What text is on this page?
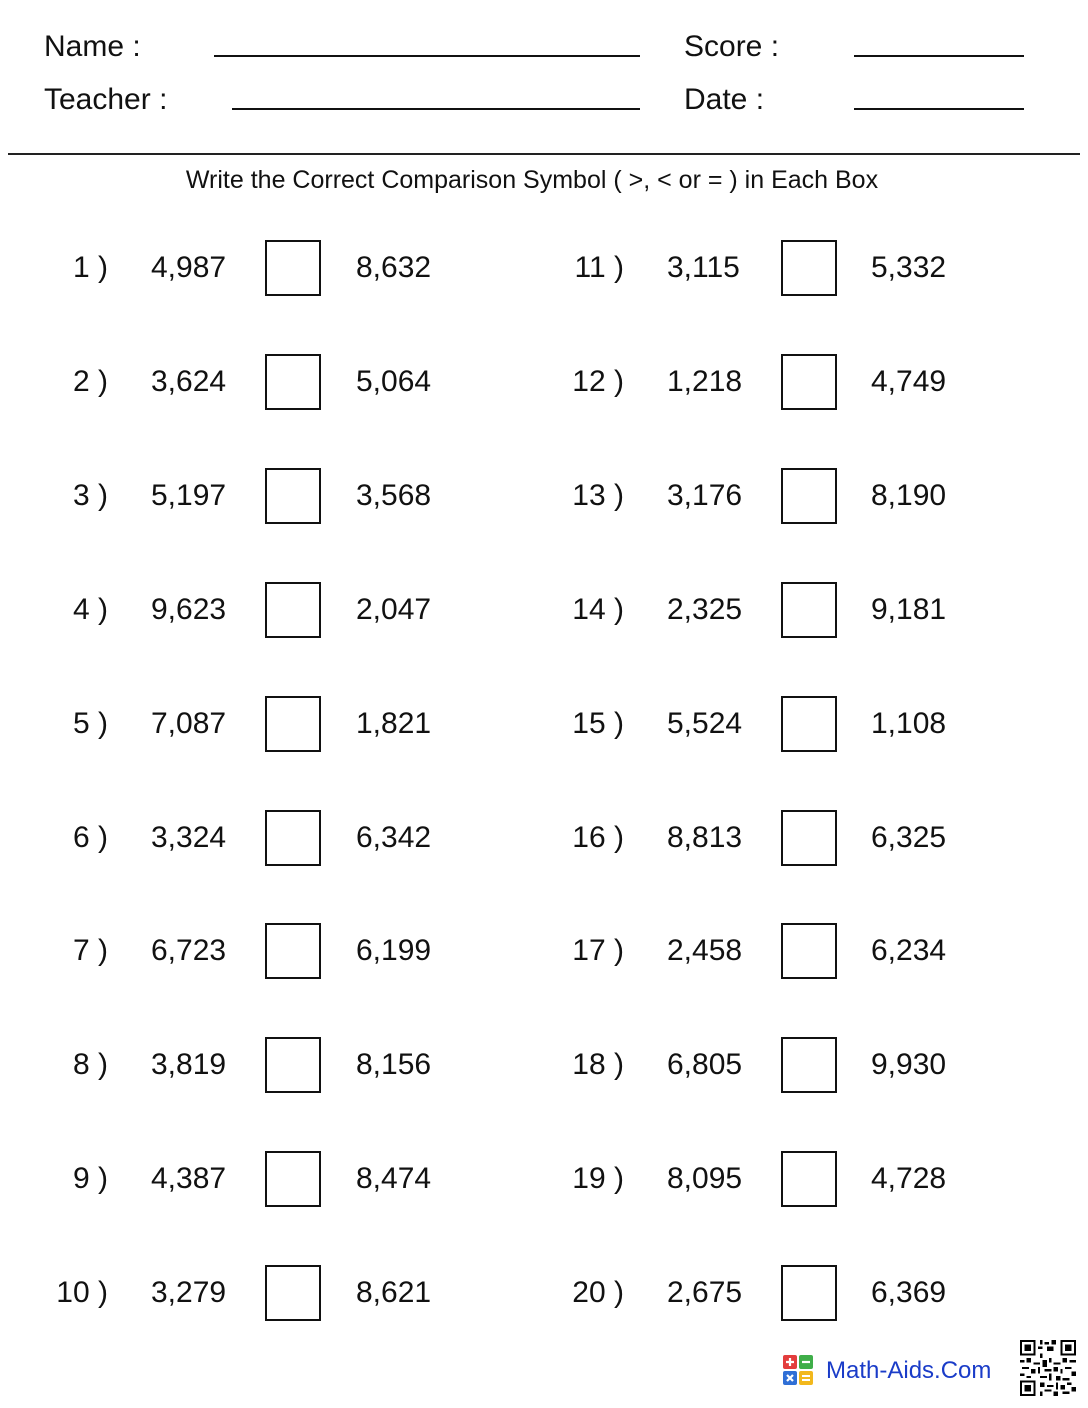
Name :
Teacher :
Score :
Date :
Write the Correct Comparison Symbol ( >, < or = ) in Each Box
1 ) 4,987	8,632
2 ) 3,624	5,064
3 ) 5,197	3,568
4 ) 9,623	2,047
5 ) 7,087	1,821
6 ) 3,324	6,342
7 ) 6,723	6,199
8 ) 3,819	8,156
9 ) 4,387	8,474
10 ) 3,279	8,621
11 ) 3,115	5,332
12 ) 1,218	4,749
13 ) 3,176	8,190
14 ) 2,325	9,181
15 ) 5,524	1,108
16 ) 8,813	6,325
17 ) 2,458	6,234
18 ) 6,805	9,930
19 ) 8,095	4,728
20 ) 2,675	6,369
Math-Aids.Com
